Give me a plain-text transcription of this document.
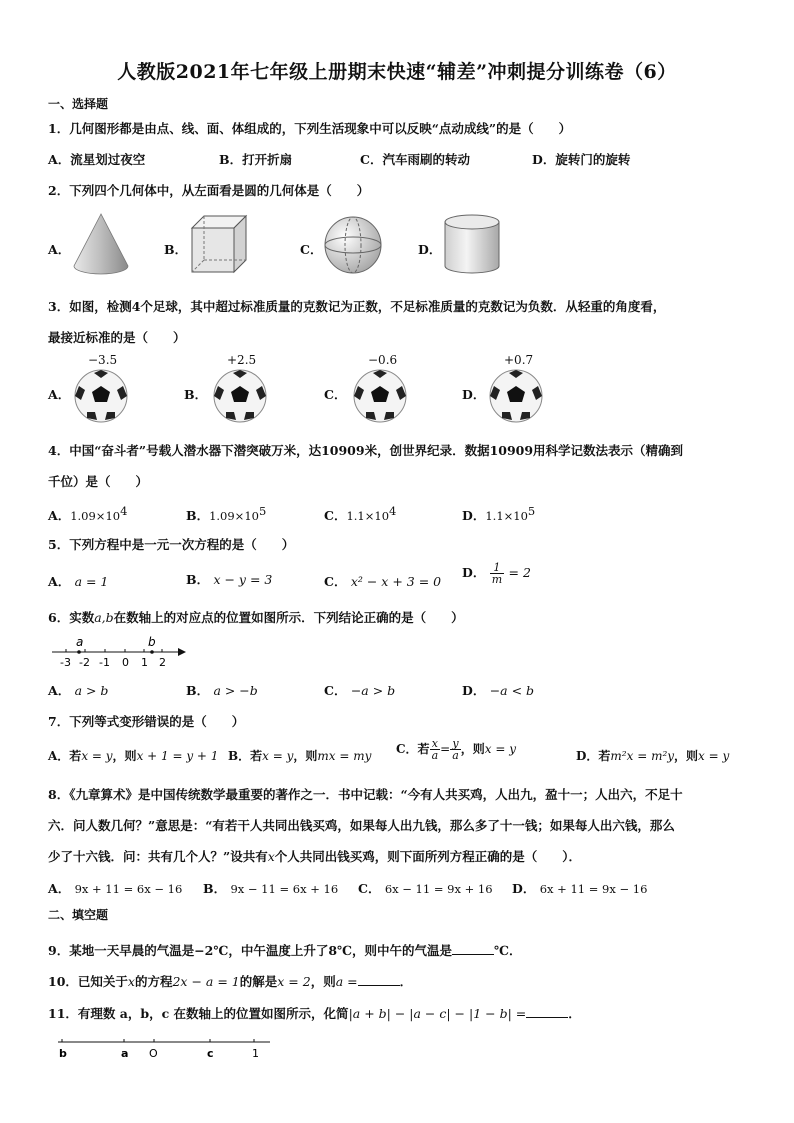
人教版2021年七年级上册期末快速“辅差”冲刺提分训练卷（6）
一、选择题
1．几何图形都是由点、线、面、体组成的，下列生活现象中可以反映“点动成线”的是（　　）
A．流星划过夜空	B．打开折扇	C．汽车雨刷的转动	D．旋转门的旋转
2．下列四个几何体中，从左面看是圆的几何体是（　　）
A．	B．	C．	D．
3．如图，检测4个足球，其中超过标准质量的克数记为正数，不足标准质量的克数记为负数．从轻重的角度看，
最接近标准的是（　　）
A．
−3.5
B．
+2.5
C．
−0.6
D．
+0.7
4．中国“奋斗者”号载人潜水器下潜突破万米，达10909米，创世界纪录．数据10909用科学记数法表示（精确到
千位）是（　　）
A．$1.09\times 10^4$	B．$1.09\times 10^5$	C．$1.1\times 10^4$	D．$1.1\times 10^5$
5．下列方程中是一元一次方程的是（　　）
A． a = 1	B． x − y = 3	C． x² − x + 3 = 0
D． $\frac{1}{m} = 2$
6．实数a,b在数轴上的对应点的位置如图所示．下列结论正确的是（　　）
a	b
-3 -2 -1 0 1 2
A． a > b	B． a > −b	C． −a > b	D． −a < b
7．下列等式变形错误的是（　　）
A．若x = y，则x + 1 = y + 1 B．若x = y，则mx = my C．若 $\frac{x}{a} = \frac{y}{a}$ ，则x = y	D．若m²x = m²y，则x = y
8．《九章算术》是中国传统数学最重要的著作之一．书中记载：“今有人共买鸡，人出九，盈十一；人出六，不足十
六．问人数几何？”意思是：“有若干人共同出钱买鸡，如果每人出九钱，那么多了十一钱；如果每人出六钱，那么
少了十六钱．问：共有几个人？”设共有x个人共同出钱买鸡，则下面所列方程正确的是（　　）．
A． 9x + 11 = 6x − 16 B． 9x − 11 = 6x + 16 C． 6x − 11 = 9x + 16 D． 6x + 11 = 9x − 16
二、填空题
9．某地一天早晨的气温是−2℃，中午温度上升了8℃，则中午的气温是	℃．
10．已知关于x的方程2x − a = 1的解是x = 2，则a =	．
11．有理数 a，b，c 在数轴上的位置如图所示，化简|a + b| − |a − c| − |1 − b| =	．
b	a O	c	1
